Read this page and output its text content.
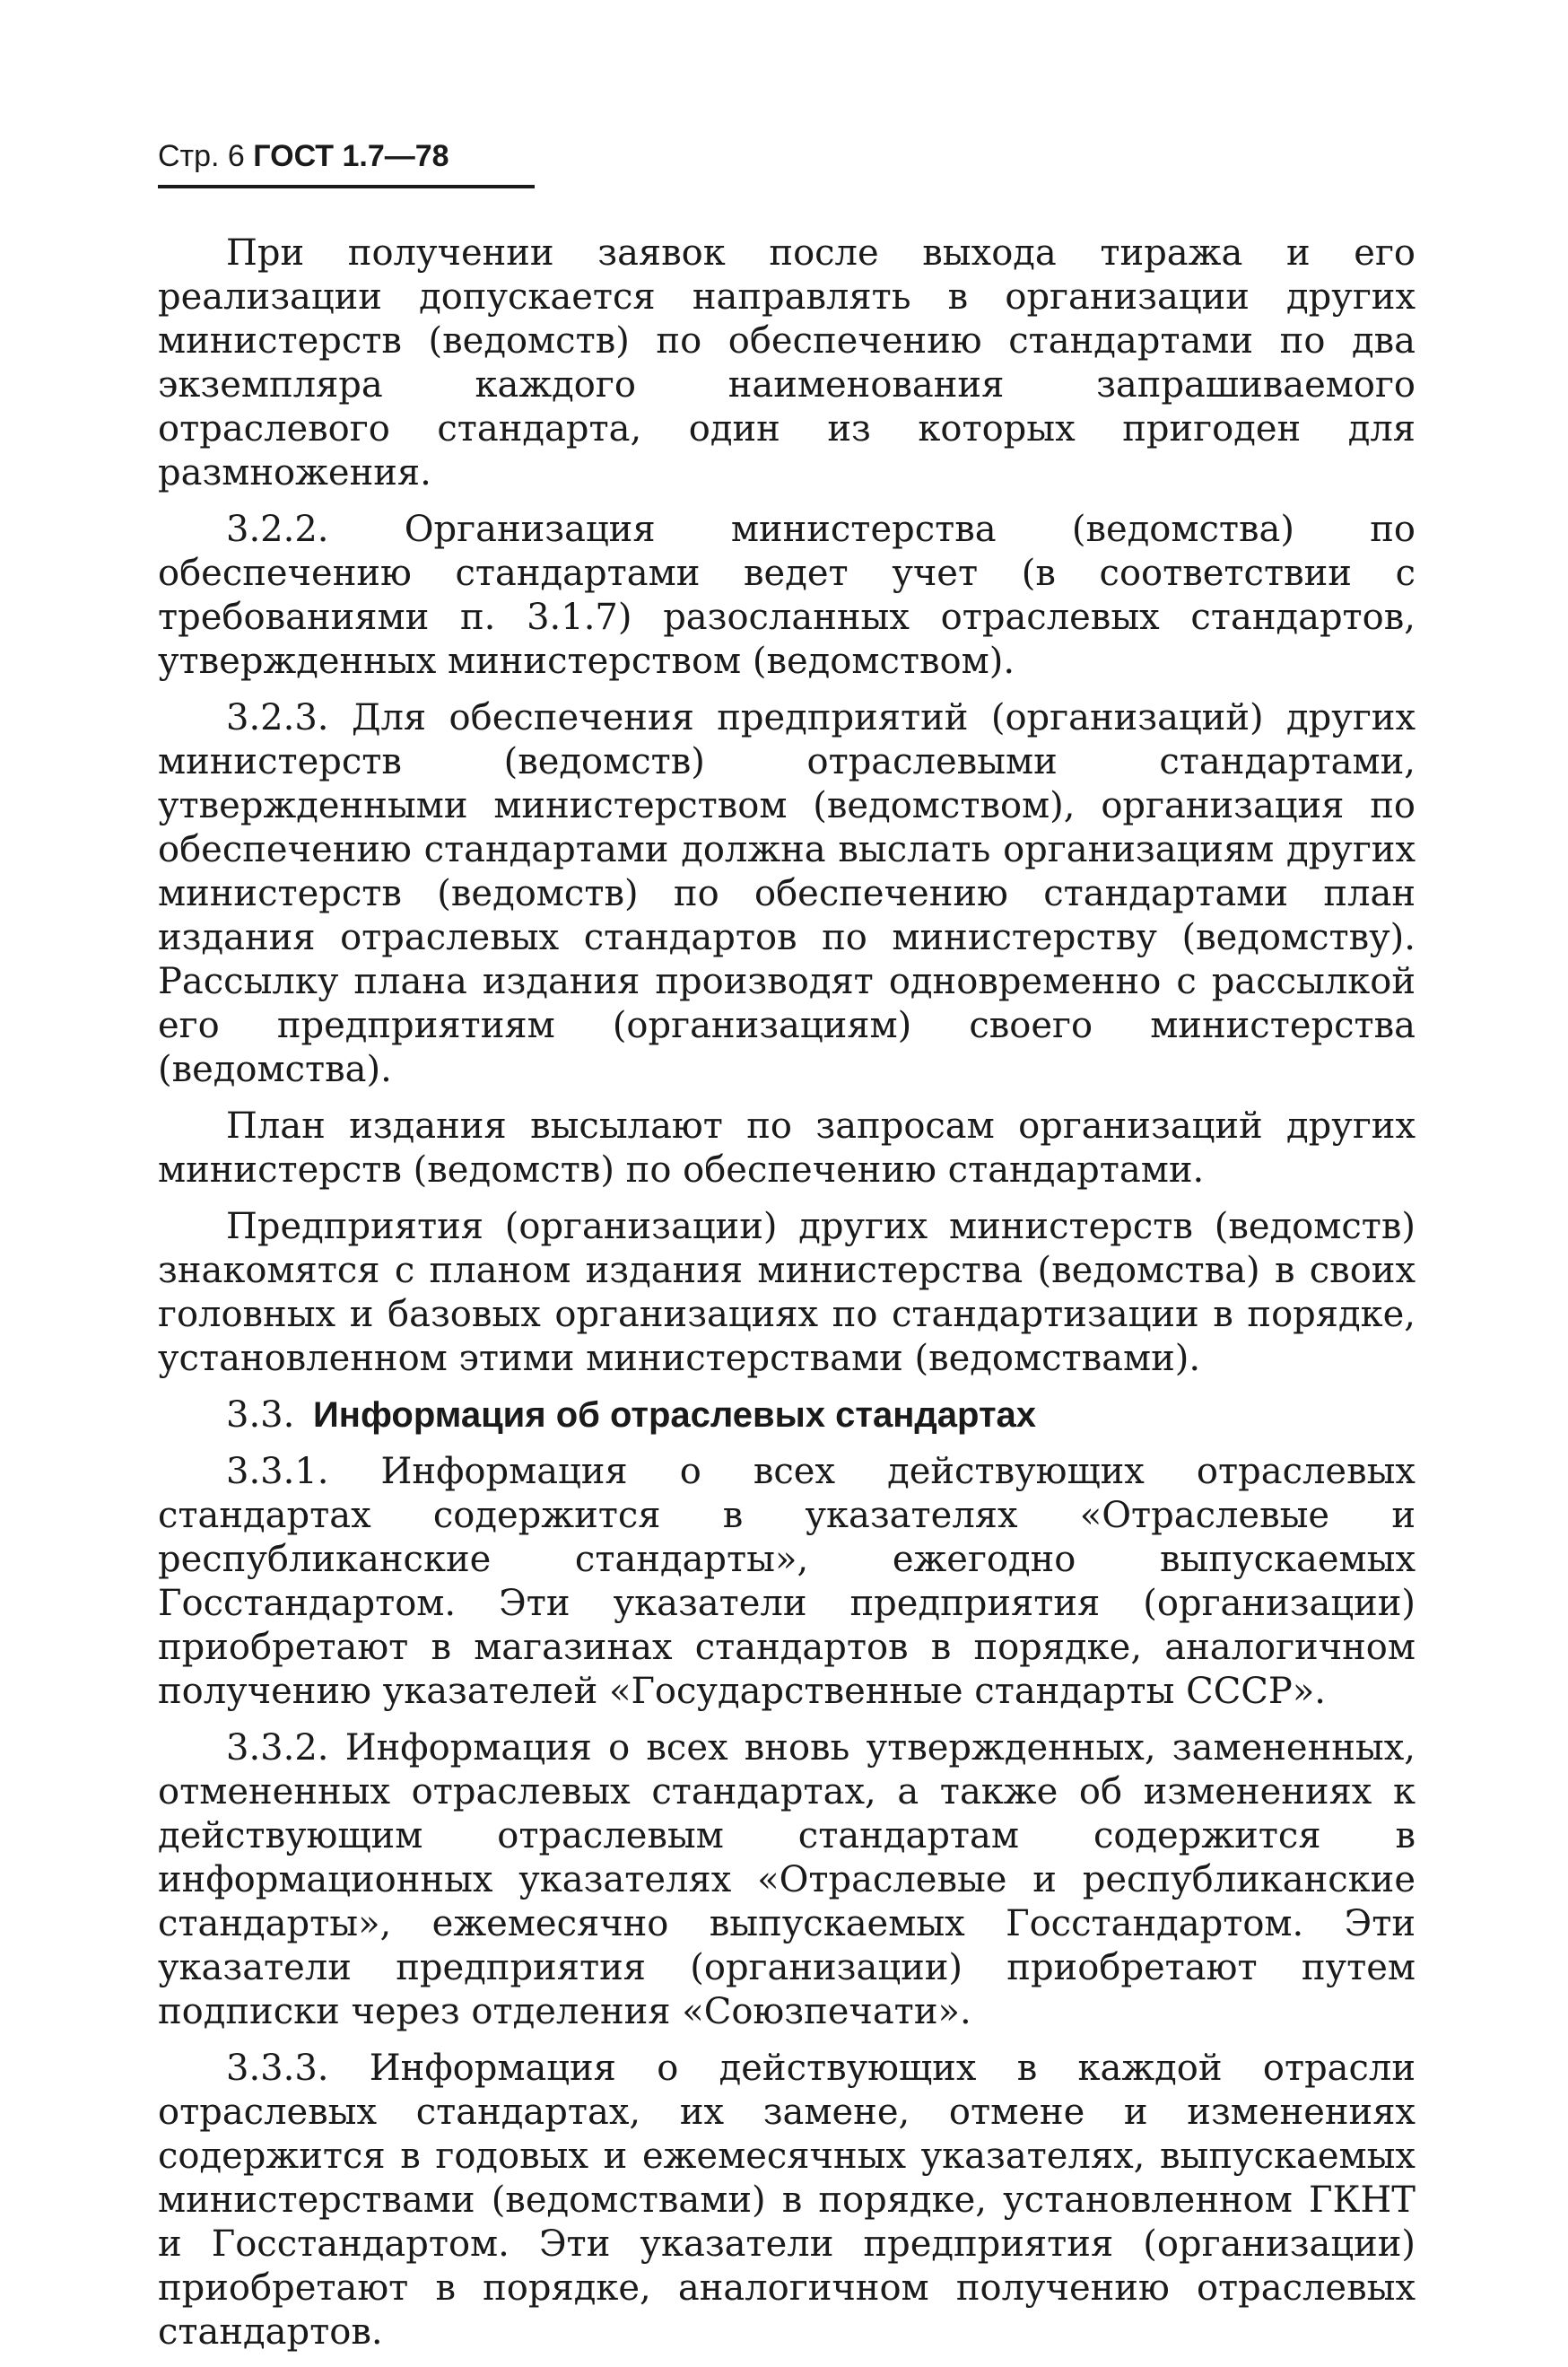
Стр. 6 ГОСТ 1.7—78

При получении заявок после выхода тиража и его реализации допускается направлять в организации других министерств (ведомств) по обеспечению стандартами по два экземпляра каждого наименования запрашиваемого отраслевого стандарта, один из которых пригоден для размножения.

3.2.2. Организация министерства (ведомства) по обеспечению стандартами ведет учет (в соответствии с требованиями п. 3.1.7) разосланных отраслевых стандартов, утвержденных министерством (ведомством).

3.2.3. Для обеспечения предприятий (организаций) других министерств (ведомств) отраслевыми стандартами, утвержденными министерством (ведомством), организация по обеспечению стандартами должна выслать организациям других министерств (ведомств) по обеспечению стандартами план издания отраслевых стандартов по министерству (ведомству). Рассылку плана издания производят одновременно с рассылкой его предприятиям (организациям) своего министерства (ведомства).

План издания высылают по запросам организаций других министерств (ведомств) по обеспечению стандартами.

Предприятия (организации) других министерств (ведомств) знакомятся с планом издания министерства (ведомства) в своих головных и базовых организациях по стандартизации в порядке, установленном этими министерствами (ведомствами).

3.3. Информация об отраслевых стандартах

3.3.1. Информация о всех действующих отраслевых стандартах содержится в указателях «Отраслевые и республиканские стандарты», ежегодно выпускаемых Госстандартом. Эти указатели предприятия (организации) приобретают в магазинах стандартов в порядке, аналогичном получению указателей «Государственные стандарты СССР».

3.3.2. Информация о всех вновь утвержденных, замененных, отмененных отраслевых стандартах, а также об изменениях к действующим отраслевым стандартам содержится в информационных указателях «Отраслевые и республиканские стандарты», ежемесячно выпускаемых Госстандартом. Эти указатели предприятия (организации) приобретают путем подписки через отделения «Союзпечати».

3.3.3. Информация о действующих в каждой отрасли отраслевых стандартах, их замене, отмене и изменениях содержится в годовых и ежемесячных указателях, выпускаемых министерствами (ведомствами) в порядке, установленном ГКНТ и Госстандартом. Эти указатели предприятия (организации) приобретают в порядке, аналогичном получению отраслевых стандартов.
